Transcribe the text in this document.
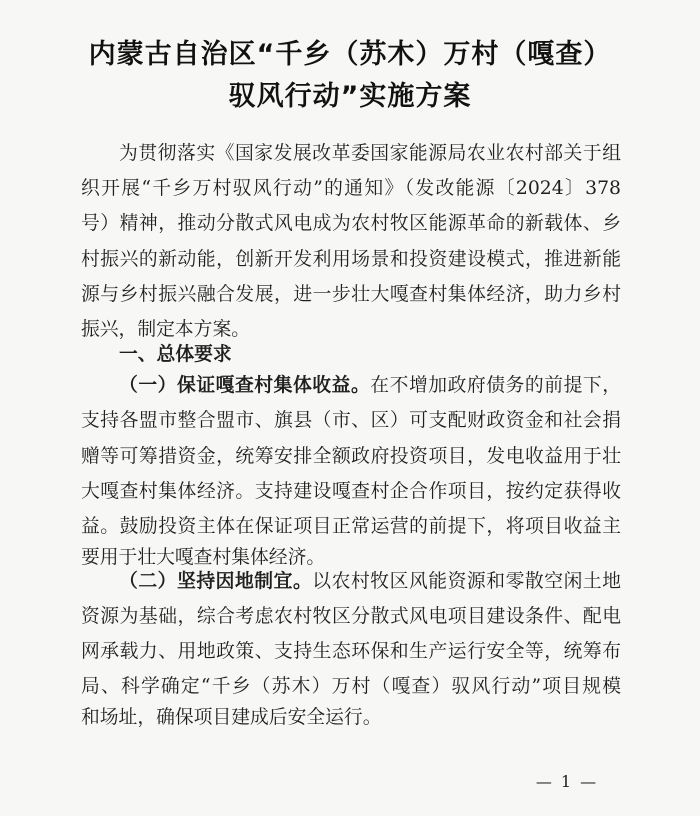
内蒙古自治区“千乡（苏木）万村（嘎查）
驭风行动”实施方案
为贯彻落实《国家发展改革委国家能源局农业农村部关于组
织开展“千乡万村驭风行动”的通知》（发改能源〔2024〕378
号）精神，推动分散式风电成为农村牧区能源革命的新载体、乡
村振兴的新动能，创新开发利用场景和投资建设模式，推进新能
源与乡村振兴融合发展，进一步壮大嘎查村集体经济，助力乡村
振兴，制定本方案。
一、总体要求
（一）保证嘎查村集体收益。在不增加政府债务的前提下，
支持各盟市整合盟市、旗县（市、区）可支配财政资金和社会捐
赠等可筹措资金，统筹安排全额政府投资项目，发电收益用于壮
大嘎查村集体经济。支持建设嘎查村企合作项目，按约定获得收
益。鼓励投资主体在保证项目正常运营的前提下，将项目收益主
要用于壮大嘎查村集体经济。
（二）坚持因地制宜。以农村牧区风能资源和零散空闲土地
资源为基础，综合考虑农村牧区分散式风电项目建设条件、配电
网承载力、用地政策、支持生态环保和生产运行安全等，统筹布
局、科学确定“千乡（苏木）万村（嘎查）驭风行动”项目规模
和场址，确保项目建成后安全运行。
— 1 —
